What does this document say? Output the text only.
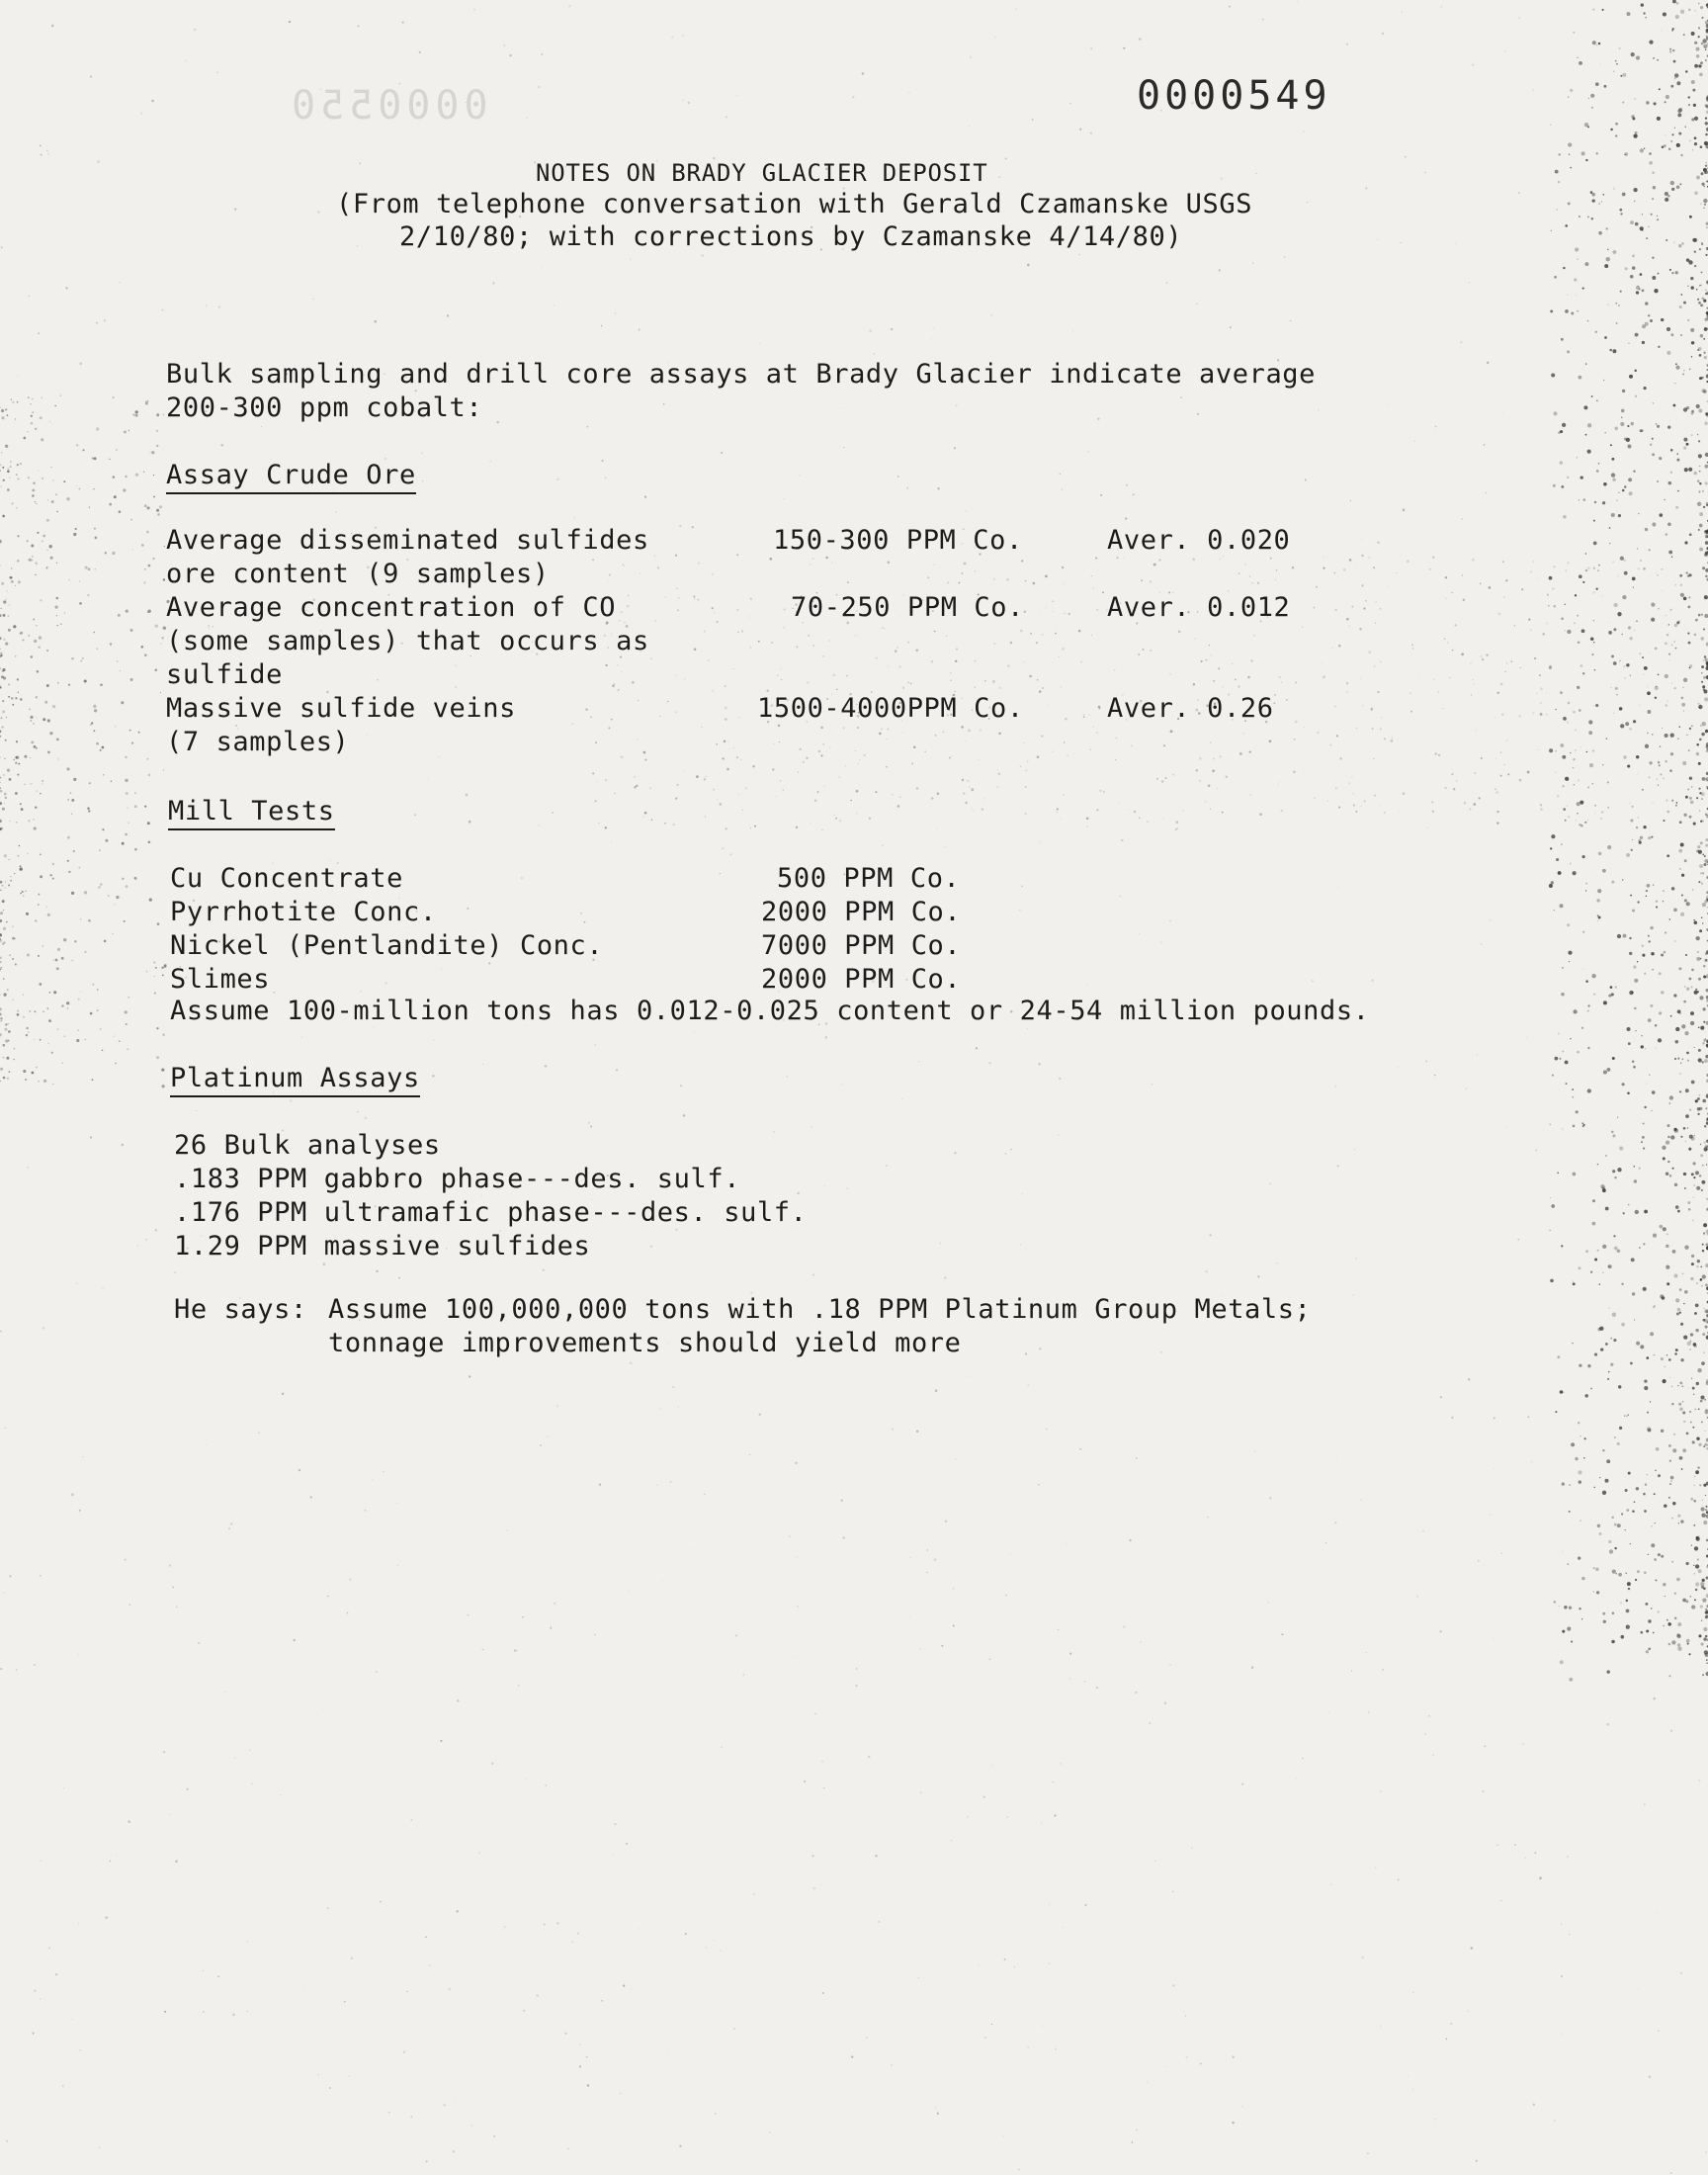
0000550	0000549
NOTES ON BRADY GLACIER DEPOSIT
(From telephone conversation with Gerald Czamanske USGS
2/10/80; with corrections by Czamanske 4/14/80)
Bulk sampling and drill core assays at Brady Glacier indicate average
200-300 ppm cobalt:
Assay Crude Ore
Average disseminated sulfides
ore content (9 samples)
150-300 PPM Co.	Aver. 0.020
Average concentration of CO
(some samples) that occurs as
sulfide
70-250 PPM Co.	Aver. 0.012
Massive sulfide veins
(7 samples)
1500-4000PPM Co.	Aver. 0.26
Mill Tests
Cu Concentrate	500 PPM Co.
Pyrrhotite Conc.	2000 PPM Co.
Nickel (Pentlandite) Conc.	7000 PPM Co.
Slimes	2000 PPM Co.
Assume 100-million tons has 0.012-0.025 content or 24-54 million pounds.
Platinum Assays
26 Bulk analyses
.183 PPM gabbro phase---des. sulf.
.176 PPM ultramafic phase---des. sulf.
1.29 PPM massive sulfides
He says: Assume 100,000,000 tons with .18 PPM Platinum Group Metals;
tonnage improvements should yield more
